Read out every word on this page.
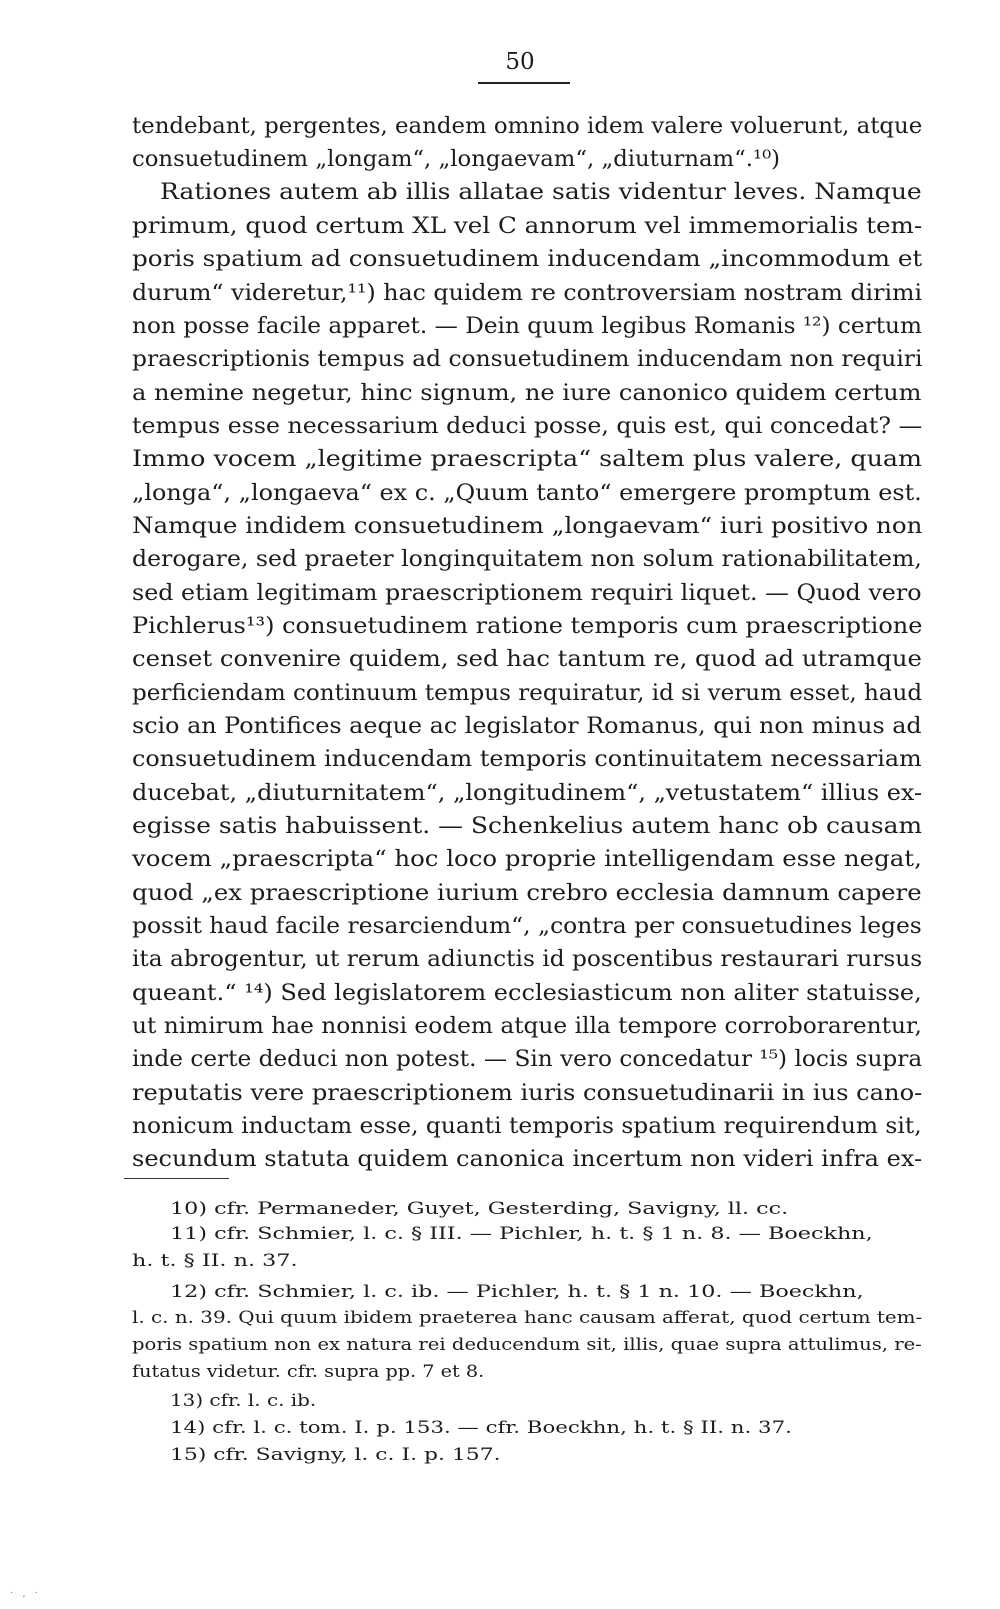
50

tendebant, pergentes, eandem omnino idem valere voluerunt, atque

consuetudinem „longam“, „longaevam“, „diuturnam“.¹⁰)

Rationes autem ab illis allatae satis videntur leves. Namque

primum, quod certum XL vel C annorum vel immemorialis tem-

poris spatium ad consuetudinem inducendam „incommodum et

durum“ videretur,¹¹) hac quidem re controversiam nostram dirimi

non posse facile apparet. — Dein quum legibus Romanis ¹²) certum

praescriptionis tempus ad consuetudinem inducendam non requiri

a nemine negetur, hinc signum, ne iure canonico quidem certum

tempus esse necessarium deduci posse, quis est, qui concedat? —

Immo vocem „legitime praescripta“ saltem plus valere, quam

„longa“, „longaeva“ ex c. „Quum tanto“ emergere promptum est.

Namque indidem consuetudinem „longaevam“ iuri positivo non

derogare, sed praeter longinquitatem non solum rationabilitatem,

sed etiam legitimam praescriptionem requiri liquet. — Quod vero

Pichlerus¹³) consuetudinem ratione temporis cum praescriptione

censet convenire quidem, sed hac tantum re, quod ad utramque

perficiendam continuum tempus requiratur, id si verum esset, haud

scio an Pontifices aeque ac legislator Romanus, qui non minus ad

consuetudinem inducendam temporis continuitatem necessariam

ducebat, „diuturnitatem“, „longitudinem“, „vetustatem“ illius ex-

egisse satis habuissent. — Schenkelius autem hanc ob causam

vocem „praescripta“ hoc loco proprie intelligendam esse negat,

quod „ex praescriptione iurium crebro ecclesia damnum capere

possit haud facile resarciendum“, „contra per consuetudines leges

ita abrogentur, ut rerum adiunctis id poscentibus restaurari rursus

queant.“ ¹⁴) Sed legislatorem ecclesiasticum non aliter statuisse,

ut nimirum hae nonnisi eodem atque illa tempore corroborarentur,

inde certe deduci non potest. — Sin vero concedatur ¹⁵) locis supra

reputatis vere praescriptionem iuris consuetudinarii in ius cano-

nonicum inductam esse, quanti temporis spatium requirendum sit,

secundum statuta quidem canonica incertum non videri infra ex-

10) cfr. Permaneder, Guyet, Gesterding, Savigny, ll. cc.

11) cfr. Schmier, l. c. § III. — Pichler, h. t. § 1 n. 8. — Boeckhn,

h. t. § II. n. 37.

12) cfr. Schmier, l. c. ib. — Pichler, h. t. § 1 n. 10. — Boeckhn,

l. c. n. 39. Qui quum ibidem praeterea hanc causam afferat, quod certum tem-

poris spatium non ex natura rei deducendum sit, illis, quae supra attulimus, re-

futatus videtur. cfr. supra pp. 7 et 8.

13) cfr. l. c. ib.

14) cfr. l. c. tom. I. p. 153. — cfr. Boeckhn, h. t. § II. n. 37.

15) cfr. Savigny, l. c. I. p. 157.

· ‚ ·
